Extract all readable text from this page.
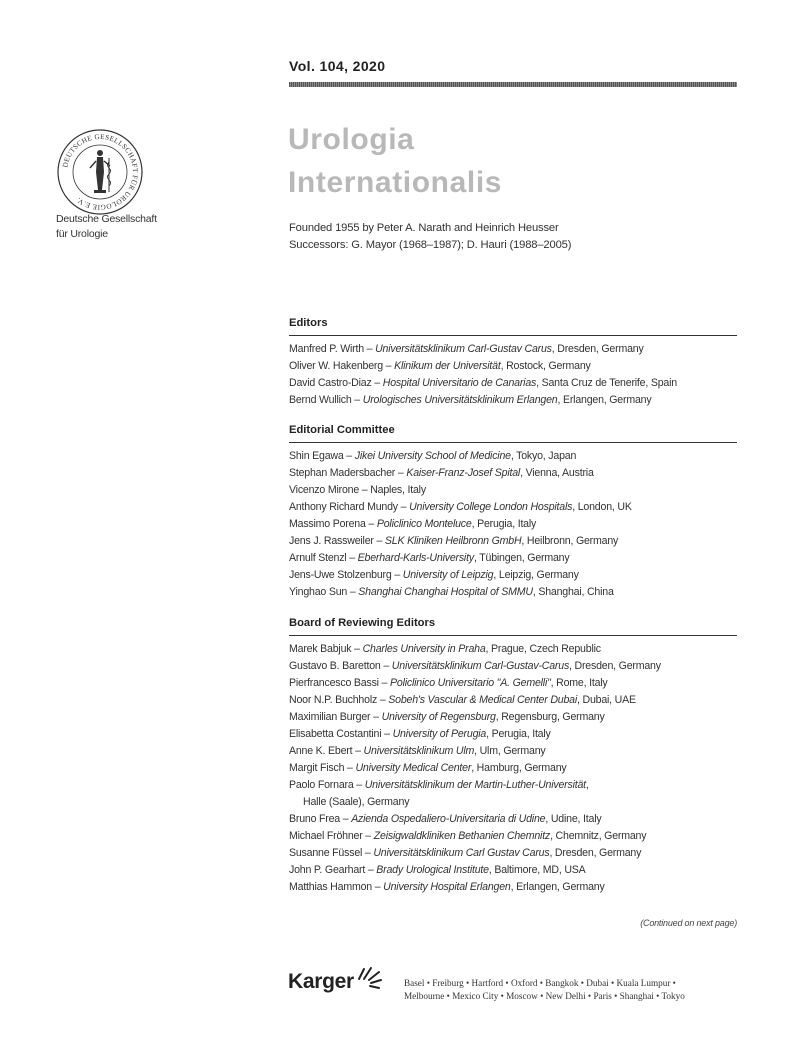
Vol. 104, 2020
DEUTSCHE GESELLSCHAFT FÜR UROLOGIE E.V.
Deutsche Gesellschaft
für Urologie
Urologia
Internationalis
Founded 1955 by Peter A. Narath and Heinrich Heusser
Successors: G. Mayor (1968–1987); D. Hauri (1988–2005)
Editors
Manfred P. Wirth – Universitätsklinikum Carl-Gustav Carus, Dresden, Germany
Oliver W. Hakenberg – Klinikum der Universität, Rostock, Germany
David Castro-Diaz – Hospital Universitario de Canarias, Santa Cruz de Tenerife, Spain
Bernd Wullich – Urologisches Universitätsklinikum Erlangen, Erlangen, Germany
Editorial Committee
Shin Egawa – Jikei University School of Medicine, Tokyo, Japan
Stephan Madersbacher – Kaiser-Franz-Josef Spital, Vienna, Austria
Vicenzo Mirone – Naples, Italy
Anthony Richard Mundy – University College London Hospitals, London, UK
Massimo Porena – Policlinico Monteluce, Perugia, Italy
Jens J. Rassweiler – SLK Kliniken Heilbronn GmbH, Heilbronn, Germany
Arnulf Stenzl – Eberhard-Karls-University, Tübingen, Germany
Jens-Uwe Stolzenburg – University of Leipzig, Leipzig, Germany
Yinghao Sun – Shanghai Changhai Hospital of SMMU, Shanghai, China
Board of Reviewing Editors
Marek Babjuk – Charles University in Praha, Prague, Czech Republic
Gustavo B. Baretton – Universitätsklinikum Carl-Gustav-Carus, Dresden, Germany
Pierfrancesco Bassi – Policlinico Universitario "A. Gemelli", Rome, Italy
Noor N.P. Buchholz – Sobeh's Vascular & Medical Center Dubai, Dubai, UAE
Maximilian Burger – University of Regensburg, Regensburg, Germany
Elisabetta Costantini – University of Perugia, Perugia, Italy
Anne K. Ebert – Universitätsklinikum Ulm, Ulm, Germany
Margit Fisch – University Medical Center, Hamburg, Germany
Paolo Fornara – Universitätsklinikum der Martin-Luther-Universität,
Halle (Saale), Germany
Bruno Frea – Azienda Ospedaliero-Universitaria di Udine, Udine, Italy
Michael Fröhner – Zeisigwaldkliniken Bethanien Chemnitz, Chemnitz, Germany
Susanne Füssel – Universitätsklinikum Carl Gustav Carus, Dresden, Germany
John P. Gearhart – Brady Urological Institute, Baltimore, MD, USA
Matthias Hammon – University Hospital Erlangen, Erlangen, Germany
(Continued on next page)
Karger	Basel • Freiburg • Hartford • Oxford • Bangkok • Dubai • Kuala Lumpur •
Melbourne • Mexico City • Moscow • New Delhi • Paris • Shanghai • Tokyo
